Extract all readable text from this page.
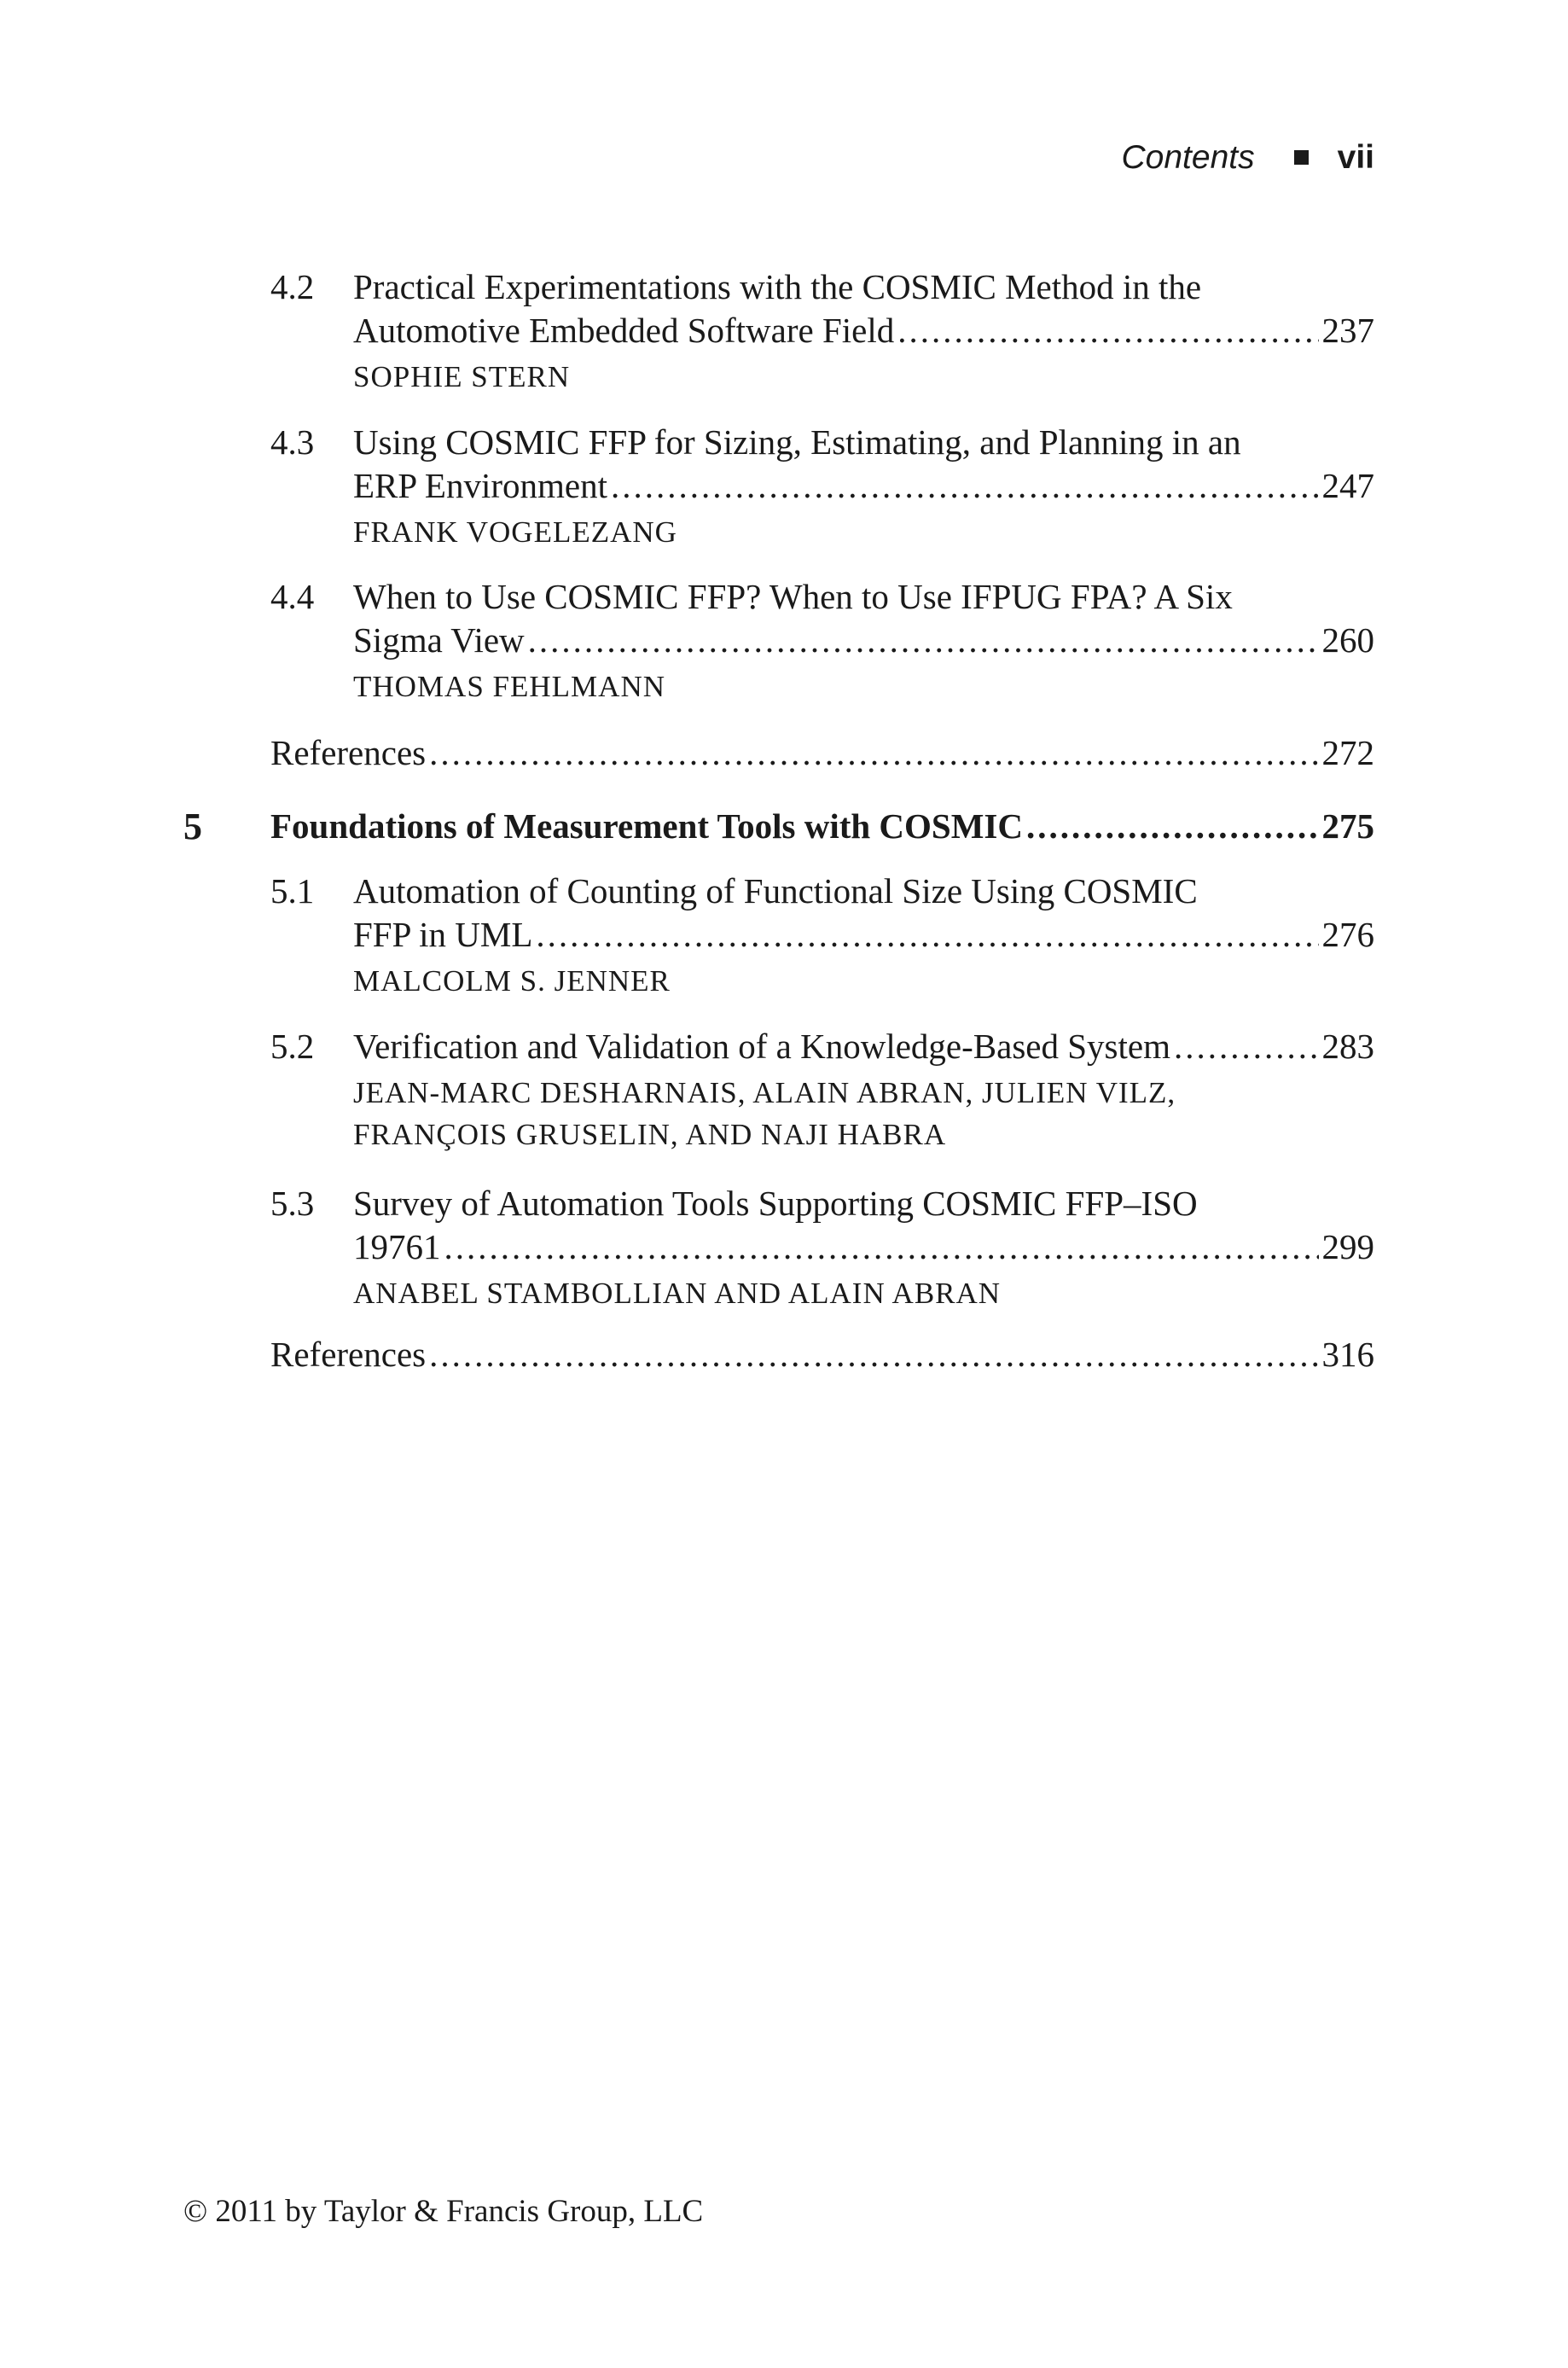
Contents vii
4.2 Practical Experimentations with the COSMIC Method in the
Automotive Embedded Software Field .....	237
SOPHIE STERN
4.3 Using COSMIC FFP for Sizing, Estimating, and Planning in an
ERP Environment .....	247
FRANK VOGELEZANG
4.4 When to Use COSMIC FFP? When to Use IFPUG FPA? A Six
Sigma View .....	260
THOMAS FEHLMANN
References .....	272
5 Foundations of Measurement Tools with COSMIC .....	275
5.1 Automation of Counting of Functional Size Using COSMIC
FFP in UML .....	276
MALCOLM S. JENNER
5.2 Verification and Validation of a Knowledge-Based System .....	283
JEAN-MARC DESHARNAIS, ALAIN ABRAN, JULIEN VILZ,
FRANÇOIS GRUSELIN, AND NAJI HABRA
5.3 Survey of Automation Tools Supporting COSMIC FFP–ISO
19761 .....	299
ANABEL STAMBOLLIAN AND ALAIN ABRAN
References .....	316
© 2011 by Taylor & Francis Group, LLC
